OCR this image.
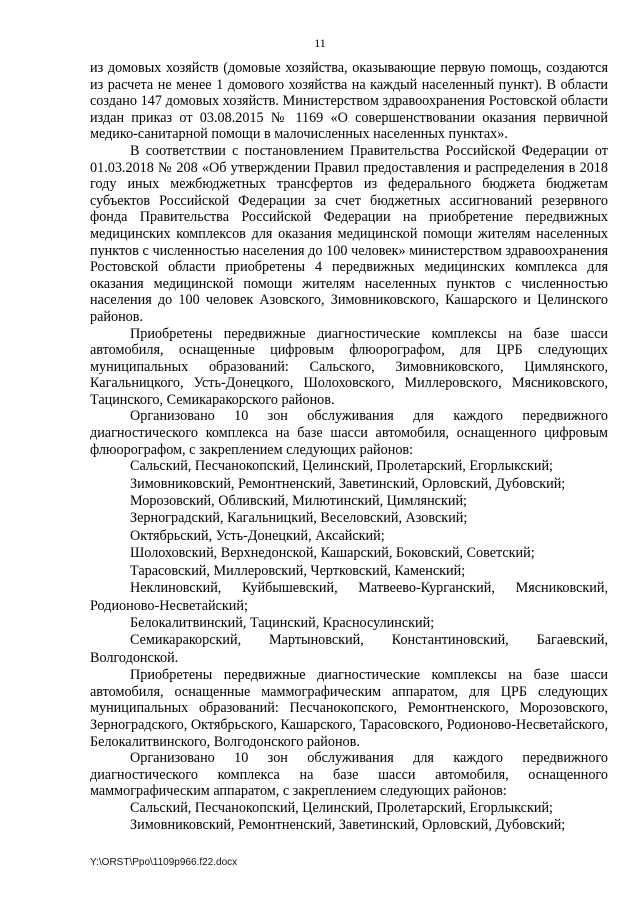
11

из домовых хозяйств (домовые хозяйства, оказывающие первую помощь, создаются из расчета не менее 1 домового хозяйства на каждый населенный пункт). В области создано 147 домовых хозяйств. Министерством здравоохранения Ростовской области издан приказ от 03.08.2015 № 1169 «О совершенствовании оказания первичной медико-санитарной помощи в малочисленных населенных пунктах».

В соответствии с постановлением Правительства Российской Федерации от 01.03.2018 № 208 «Об утверждении Правил предоставления и распределения в 2018 году иных межбюджетных трансфертов из федерального бюджета бюджетам субъектов Российской Федерации за счет бюджетных ассигнований резервного фонда Правительства Российской Федерации на приобретение передвижных медицинских комплексов для оказания медицинской помощи жителям населенных пунктов с численностью населения до 100 человек» министерством здравоохранения Ростовской области приобретены 4 передвижных медицинских комплекса для оказания медицинской помощи жителям населенных пунктов с численностью населения до 100 человек Азовского, Зимовниковского, Кашарского и Целинского районов.

Приобретены передвижные диагностические комплексы на базе шасси автомобиля, оснащенные цифровым флюорографом, для ЦРБ следующих муниципальных образований: Сальского, Зимовниковского, Цимлянского, Кагальницкого, Усть-Донецкого, Шолоховского, Миллеровского, Мясниковского, Тацинского, Семикаракорского районов.

Организовано 10 зон обслуживания для каждого передвижного диагностического комплекса на базе шасси автомобиля, оснащенного цифровым флюорографом, с закреплением следующих районов:

Сальский, Песчанокопский, Целинский, Пролетарский, Егорлыкский;

Зимовниковский, Ремонтненский, Заветинский, Орловский, Дубовский;

Морозовский, Обливский, Милютинский, Цимлянский;

Зерноградский, Кагальницкий, Веселовский, Азовский;

Октябрьский, Усть-Донецкий, Аксайский;

Шолоховский, Верхнедонской, Кашарский, Боковский, Советский;

Тарасовский, Миллеровский, Чертковский, Каменский;

Неклиновский, Куйбышевский, Матвеево-Курганский, Мясниковский, Родионово-Несветайский;

Белокалитвинский, Тацинский, Красносулинский;

Семикаракорский, Мартыновский, Константиновский, Багаевский, Волгодонской.

Приобретены передвижные диагностические комплексы на базе шасси автомобиля, оснащенные маммографическим аппаратом, для ЦРБ следующих муниципальных образований: Песчанокопского, Ремонтненского, Морозовского, Зерноградского, Октябрьского, Кашарского, Тарасовского, Родионово-Несветайского, Белокалитвинского, Волгодонского районов.

Организовано 10 зон обслуживания для каждого передвижного диагностического комплекса на базе шасси автомобиля, оснащенного маммографическим аппаратом, с закреплением следующих районов:

Сальский, Песчанокопский, Целинский, Пролетарский, Егорлыкский;

Зимовниковский, Ремонтненский, Заветинский, Орловский, Дубовский;

Y:\ORST\Ppo\1109p966.f22.docx
